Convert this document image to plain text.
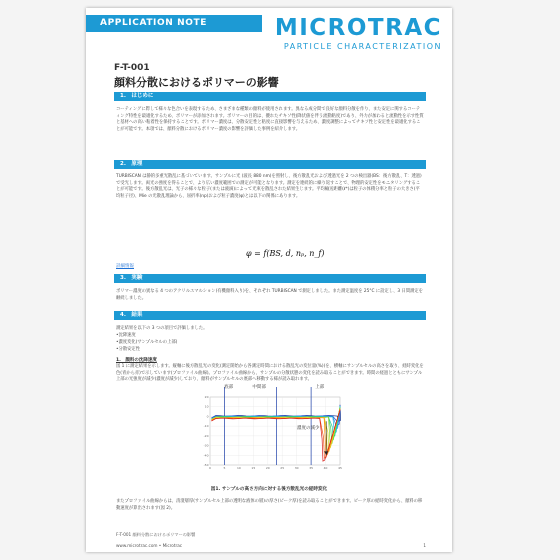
APPLICATION NOTE	MICROTRAC
PARTICLE CHARACTERIZATION
F-T-001
顔料分散におけるポリマーの影響
1.　はじめに
コーティングに際して様々な色合いを表現するため、さまざまな種類の顔料が使用されます。異なる成分間で良好な顔料分散を作り、また安定に関するコーティング特性を最適化するため、ポリマーが添加されます。ポリマーの目的は、優れたチキソ性(降伏値を伴う流動粘度)であり、外力が加わると流動性を示す性質と基材への高い粘着性を保持することです。ポリマー濃度は、分散安定性と粘度に直接影響を与えるため、濃度調整によってチキソ性と安定性を最適化することが可能です。本項では、顔料分散におけるポリマー濃度の影響を評価した事例を紹介します。
2.　原理
TURBISCAN は静的多重光散乱に基づいています。サンプルに光 (波長 880 nm)を照射し、後方散乱光および透過光を 2 つの検出器(BS：後方散乱、T：透過)で受光します。両光の強度を得ることで、より広い濃度範囲での測定が可能となります。測定を連続的に繰り返すことで、物理的安定性をモニタリングすることが可能です。後方散乱光は、光子の様々な粒子(または液滴)によって光束を散乱された結果生じます。平均輸送距離(ℓ*)は粒子の体積分率と粒子の大きさ(平均粒子径)、Mie の光散乱理論から、屈折率(np)および粒子濃度(φ)とは以下の関係にあります。
φ = f(BS, d, nₚ, n_f)
詳細情報
3.　実験
ポリマー濃度の異なる 4 つのアクリルエマルション(有機顔料入り)を、それぞれ TURBISCAN で測定しました。また測定温度を 25°C に設定し、3 日間測定を継続しました。
4.　結果
測定結果を以下の 3 つの項目で評価しました。
•沈降速度
•濃度変化(サンプルセルの上部)
•分散安定性
1.　顔料の沈降速度
図 1 に測定結果を示します。縦軸に後方散乱光の変化(測定開始から各測定時間における散乱光の変位量(%))を、横軸にサンプルセルの高さを取り、経時変化を色(青から赤)で示しています(プロファイル曲線)。プロファイル曲線から、サンプルの分散状態の変化を読み取ることができます。時間の経過とともにサンプル上部の光強度が減少(濃度が減少)しており、顔料がサンプルセルの底部へ移動する様が読み取れます。
底部	中間部	上部
0	5	10	15	20	25	30	35	40	45
20
10
0
-10
-20
-30
-40
-50
濃度の減少
図1. サンプルの高さ方向に対する後方散乱光の経時変化
またプロファイル曲線からは、清澄層厚(サンプルセル上部の透明な液体の層)の厚さ(ピーク厚)を読み取ることができます。ピーク厚の経時変化から、顔料の移動速度が算出されます(図 2)。
F-T-001 顔料分散におけるポリマーの影響
www.microtrac.com • Microtrac	1
